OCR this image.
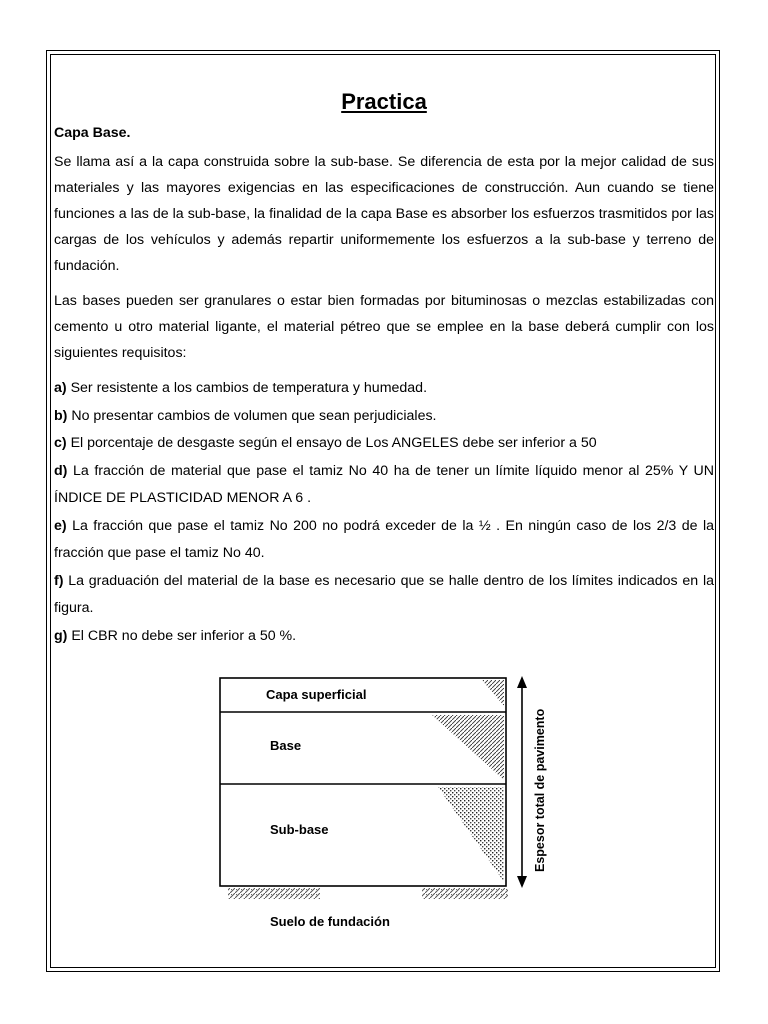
Practica
Capa Base.

Se llama así a la capa construida sobre la sub-base. Se diferencia de esta por la mejor calidad de sus materiales y las mayores exigencias en las especificaciones de construcción. Aun cuando se tiene funciones a las de la sub-base, la finalidad de la capa Base es absorber los esfuerzos trasmitidos por las cargas de los vehículos y además repartir uniformemente los esfuerzos a la sub-base y terreno de fundación.

Las bases pueden ser granulares o estar bien formadas por bituminosas o mezclas estabilizadas con cemento u otro material ligante, el material pétreo que se emplee en la base deberá cumplir con los siguientes requisitos:

a) Ser resistente a los cambios de temperatura y humedad.
b) No presentar cambios de volumen que sean perjudiciales.
c) El porcentaje de desgaste según el ensayo de Los ANGELES debe ser inferior a 50
d) La fracción de material que pase el tamiz No 40 ha de tener un límite líquido menor al 25% Y UN ÍNDICE DE PLASTICIDAD MENOR A 6 .
e) La fracción que pase el tamiz No 200 no podrá exceder de la ½ . En ningún caso de los 2/3 de la fracción que pase el tamiz No 40.
f) La graduación del material de la base es necesario que se halle dentro de los límites indicados en la figura.
g) El CBR no debe ser inferior a 50 %.
Capa superficial
Base
Sub-base
Suelo de fundación
Espesor total de pavimento
